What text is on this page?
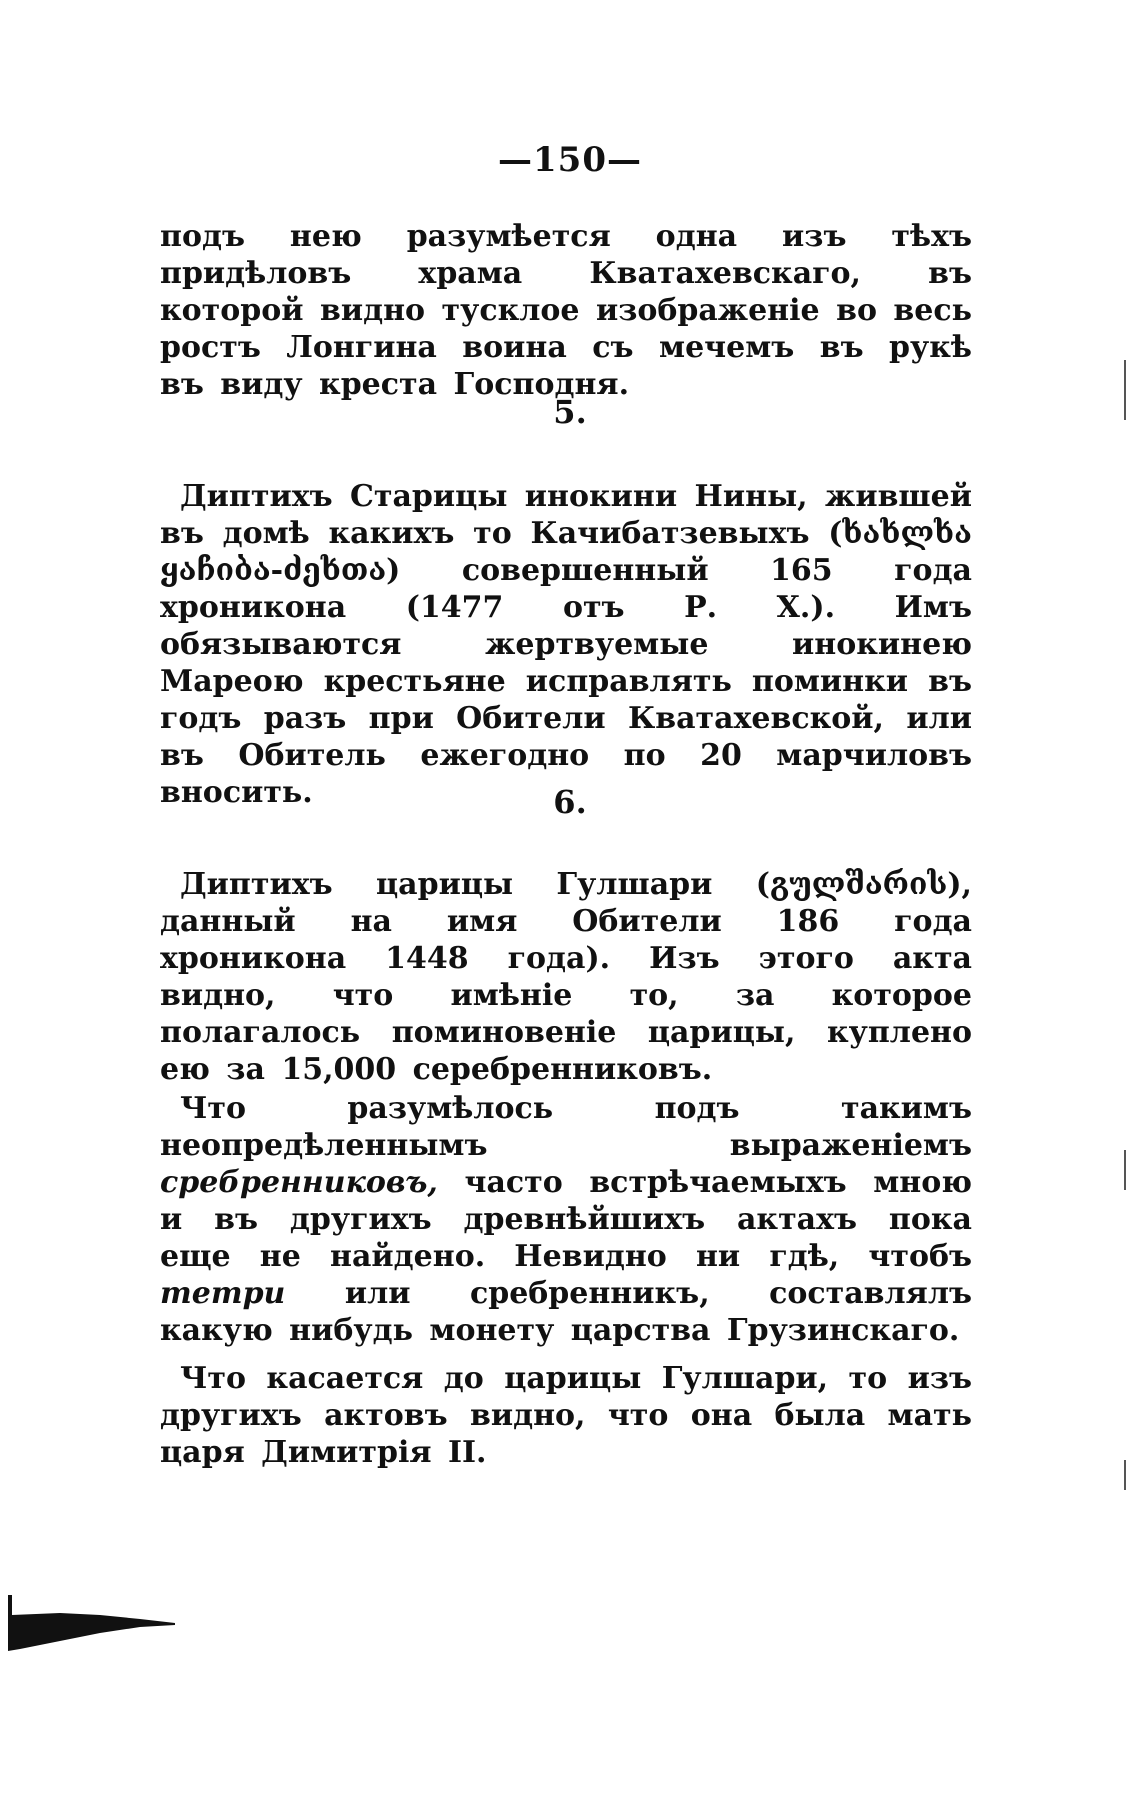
—150—

подъ нею разумѣется одна изъ тѣхъ придѣловъ храма Кватахевскаго, въ которой видно тусклое изображеніе во весь ростъ Лонгина воина съ мечемъ въ рукѣ въ виду креста Господня.

5.

Диптихъ Старицы инокини Нины, жившей въ домѣ какихъ то Качибатзевыхъ (ხახლხა ყაჩიბა-ძეხთა) совершенный 165 года хроникона (1477 отъ Р. Х.). Имъ обязываются жертвуемые инокинею Мареою крестьяне исправлять поминки въ годъ разъ при Обители Кватахевской, или въ Обитель ежегодно по 20 марчиловъ вносить.	6.

Диптихъ царицы Гулшари (გულშარის), данный на имя Обители 186 года хроникона 1448 года). Изъ этого акта видно, что имѣніе то, за которое полагалось поминовеніе царицы, куплено ею за 15,000 серебренниковъ.

Что разумѣлось подъ такимъ неопредѣленнымъ выраженіемъ сребренниковъ, часто встрѣчаемыхъ мною и въ другихъ древнѣйшихъ актахъ пока еще не найдено. Невидно ни гдѣ, чтобъ тетри или сребренникъ, составлялъ какую нибудь монету царства Грузинскаго.

Что касается до царицы Гулшари, то изъ другихъ актовъ видно, что она была мать царя Димитрія II.
